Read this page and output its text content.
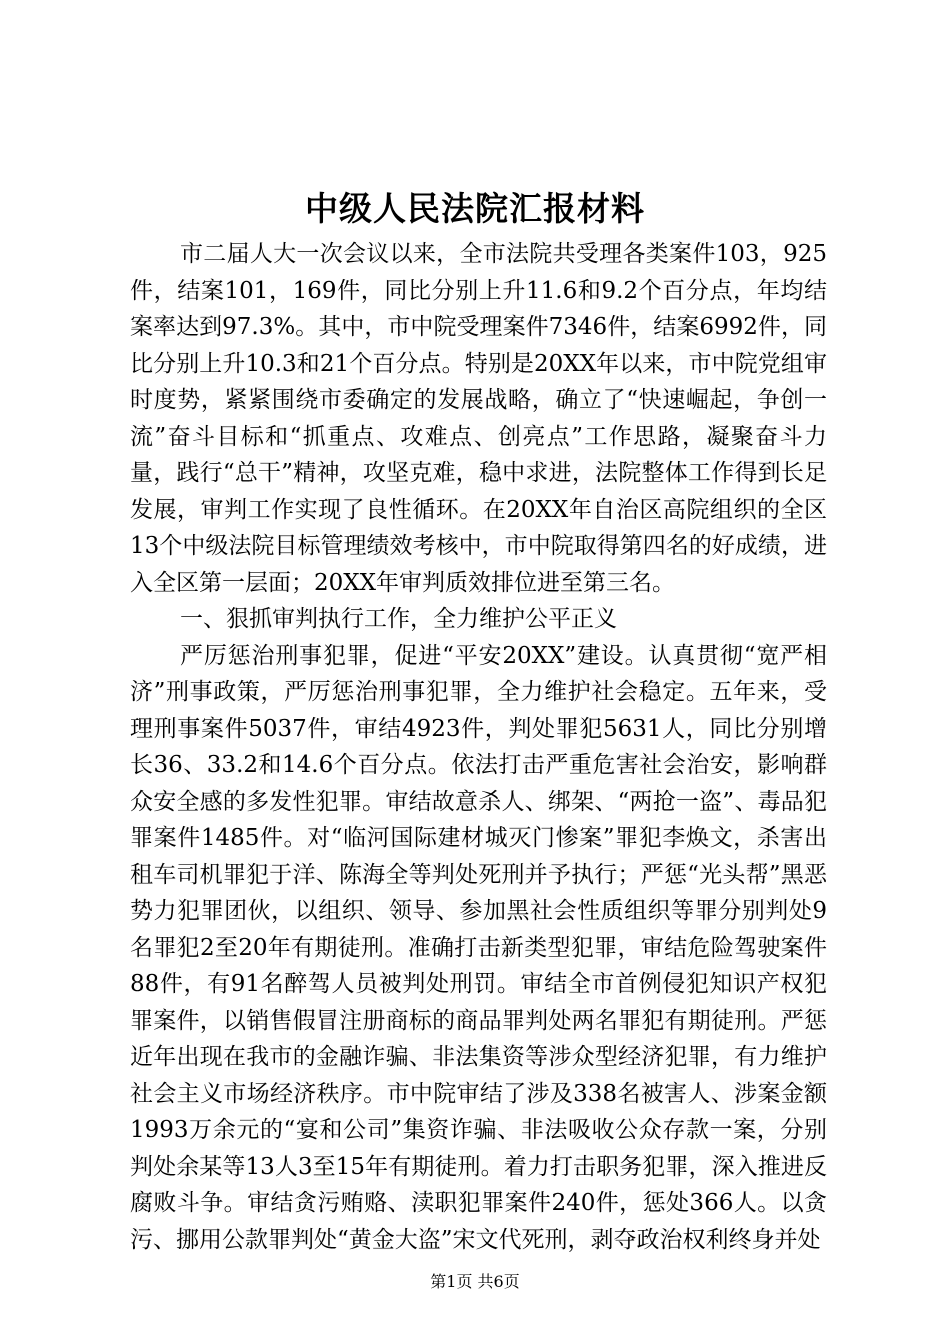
中级人民法院汇报材料

市二届人大一次会议以来，全市法院共受理各类案件103，925件，结案101，169件，同比分别上升11.6和9.2个百分点，年均结案率达到97.3%。其中，市中院受理案件7346件，结案6992件，同比分别上升10.3和21个百分点。特别是20XX年以来，市中院党组审时度势，紧紧围绕市委确定的发展战略，确立了“快速崛起，争创一流”奋斗目标和“抓重点、攻难点、创亮点”工作思路，凝聚奋斗力量，践行“总干”精神，攻坚克难，稳中求进，法院整体工作得到长足发展，审判工作实现了良性循环。在20XX年自治区高院组织的全区13个中级法院目标管理绩效考核中，市中院取得第四名的好成绩，进入全区第一层面；20XX年审判质效排位进至第三名。

一、狠抓审判执行工作，全力维护公平正义

严厉惩治刑事犯罪，促进“平安20XX”建设。认真贯彻“宽严相济”刑事政策，严厉惩治刑事犯罪，全力维护社会稳定。五年来，受理刑事案件5037件，审结4923件，判处罪犯5631人，同比分别增长36、33.2和14.6个百分点。依法打击严重危害社会治安，影响群众安全感的多发性犯罪。审结故意杀人、绑架、“两抢一盗”、毒品犯罪案件1485件。对“临河国际建材城灭门惨案”罪犯李焕文，杀害出租车司机罪犯于洋、陈海全等判处死刑并予执行；严惩“光头帮”黑恶势力犯罪团伙，以组织、领导、参加黑社会性质组织等罪分别判处9名罪犯2至20年有期徒刑。准确打击新类型犯罪，审结危险驾驶案件88件，有91名醉驾人员被判处刑罚。审结全市首例侵犯知识产权犯罪案件，以销售假冒注册商标的商品罪判处两名罪犯有期徒刑。严惩近年出现在我市的金融诈骗、非法集资等涉众型经济犯罪，有力维护社会主义市场经济秩序。市中院审结了涉及338名被害人、涉案金额1993万余元的“宴和公司”集资诈骗、非法吸收公众存款一案，分别判处余某等13人3至15年有期徒刑。着力打击职务犯罪，深入推进反腐败斗争。审结贪污贿赂、渎职犯罪案件240件，惩处366人。以贪污、挪用公款罪判处“黄金大盗”宋文代死刑，剥夺政治权利终身并处

第1页 共6页
